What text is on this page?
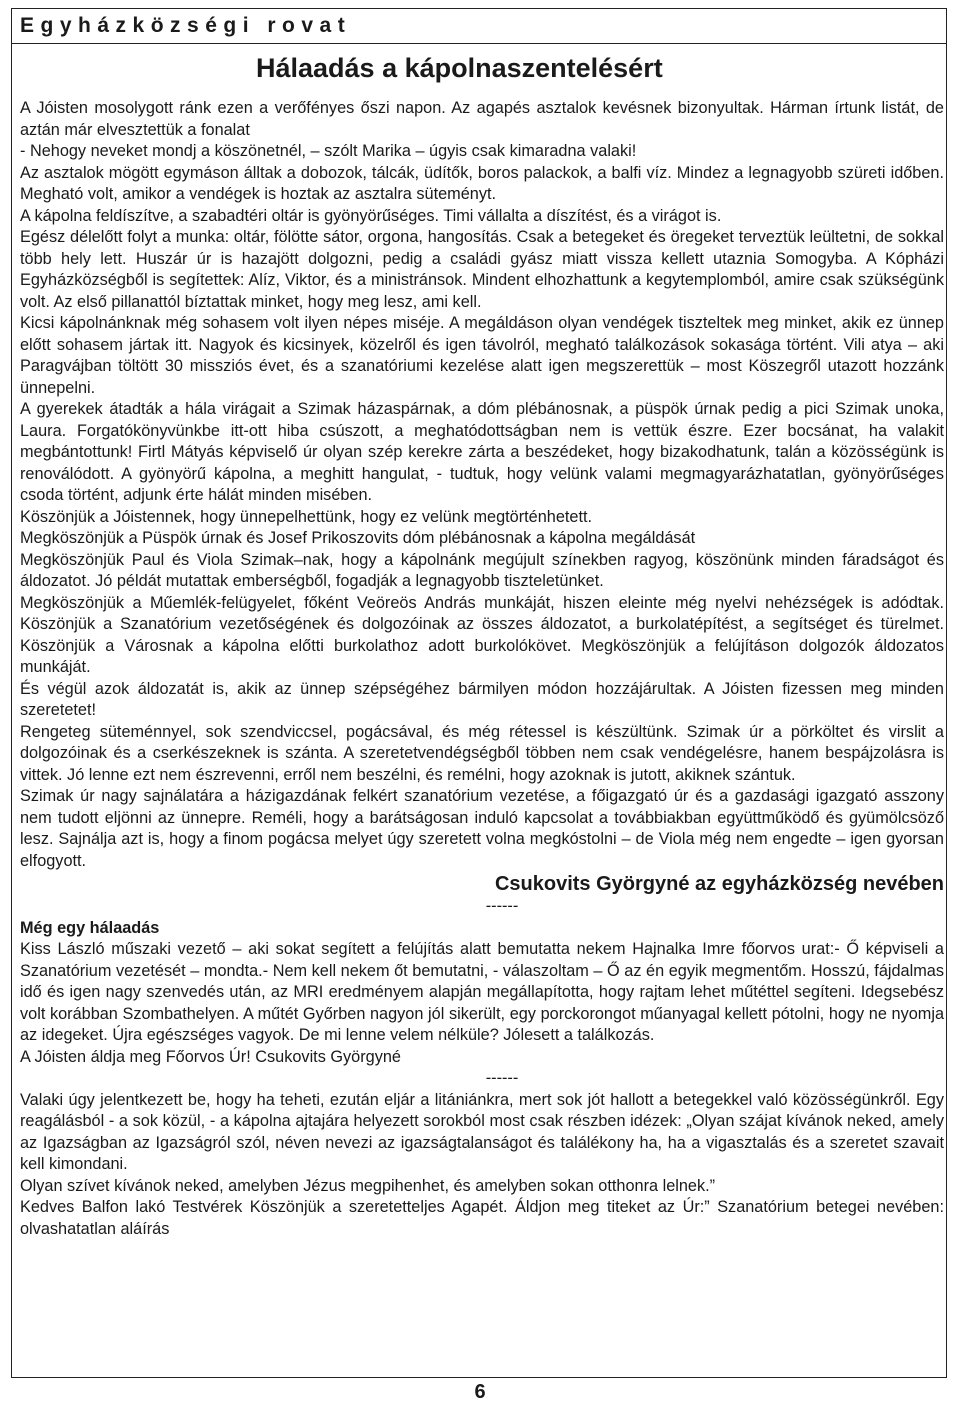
Egyházközségi rovat
Hálaadás a kápolnaszentelésért

A Jóisten mosolygott ránk ezen a verőfényes őszi napon. Az agapés asztalok kevésnek bizonyultak. Hárman írtunk listát, de aztán már elvesztettük a fonalat

- Nehogy neveket mondj a köszönetnél, – szólt Marika – úgyis csak kimaradna valaki!

Az asztalok mögött egymáson álltak a dobozok, tálcák, üdítők, boros palackok, a balfi víz. Mindez a legnagyobb szüreti időben. Megható volt, amikor a vendégek is hoztak az asztalra süteményt.

A kápolna feldíszítve, a szabadtéri oltár is gyönyörűséges. Timi vállalta a díszítést, és a virágot is.

Egész délelőtt folyt a munka: oltár, fölötte sátor, orgona, hangosítás. Csak a betegeket és öregeket terveztük leültetni, de sokkal több hely lett. Huszár úr is hazajött dolgozni, pedig a családi gyász miatt vissza kellett utaznia Somogyba. A Kópházi Egyházközségből is segítettek: Alíz, Viktor, és a ministránsok. Mindent elhozhattunk a kegytemplomból, amire csak szükségünk volt. Az első pillanattól bíztattak minket, hogy meg lesz, ami kell.

Kicsi kápolnánknak még sohasem volt ilyen népes miséje. A megáldáson olyan vendégek tiszteltek meg minket, akik ez ünnep előtt sohasem jártak itt. Nagyok és kicsinyek, közelről és igen távolról, megható találkozások sokasága történt. Vili atya – aki Paragvájban töltött 30 missziós évet, és a szanatóriumi kezelése alatt igen megszerettük – most Köszegről utazott hozzánk ünnepelni.

A gyerekek átadták a hála virágait a Szimak házaspárnak, a dóm plébánosnak, a püspök úrnak pedig a pici Szimak unoka, Laura. Forgatókönyvünkbe itt-ott hiba csúszott, a meghatódottságban nem is vettük észre. Ezer bocsánat, ha valakit megbántottunk! Firtl Mátyás képviselő úr olyan szép kerekre zárta a beszédeket, hogy bizakodhatunk, talán a közösségünk is renoválódott. A gyönyörű kápolna, a meghitt hangulat, - tudtuk, hogy velünk valami megmagyarázhatatlan, gyönyörűséges csoda történt, adjunk érte hálát minden misében.

Köszönjük a Jóistennek, hogy ünnepelhettünk, hogy ez velünk megtörténhetett.

Megköszönjük a Püspök úrnak és Josef Prikoszovits dóm plébánosnak a kápolna megáldását

Megköszönjük Paul és Viola Szimak–nak, hogy a kápolnánk megújult színekben ragyog, köszönünk minden fáradságot és áldozatot. Jó példát mutattak emberségből, fogadják a legnagyobb tiszteletünket.

Megköszönjük a Műemlék-felügyelet, főként Veöreös András munkáját, hiszen eleinte még nyelvi nehézségek is adódtak. Köszönjük a Szanatórium vezetőségének és dolgozóinak az összes áldozatot, a burkolatépítést, a segítséget és türelmet. Köszönjük a Városnak a kápolna előtti burkolathoz adott burkolókövet. Megköszönjük a felújításon dolgozók áldozatos munkáját.

És végül azok áldozatát is, akik az ünnep szépségéhez bármilyen módon hozzájárultak. A Jóisten fizessen meg minden szeretetet!

Rengeteg süteménnyel, sok szendviccsel, pogácsával, és még rétessel is készültünk. Szimak úr a pörköltet és virslit a dolgozóinak és a cserkészeknek is szánta. A szeretetvendégségből többen nem csak vendégelésre, hanem bespájzolásra is vittek. Jó lenne ezt nem észrevenni, erről nem beszélni, és remélni, hogy azoknak is jutott, akiknek szántuk.

Szimak úr nagy sajnálatára a házigazdának felkért szanatórium vezetése, a főigazgató úr és a gazdasági igazgató asszony nem tudott eljönni az ünnepre. Reméli, hogy a barátságosan induló kapcsolat a továbbiakban együttműködő és gyümölcsöző lesz. Sajnálja azt is, hogy a finom pogácsa melyet úgy szeretett volna megkóstolni – de Viola még nem engedte – igen gyorsan elfogyott.

Csukovits Györgyné az egyházközség nevében

------

Még egy hálaadás

Kiss László műszaki vezető – aki sokat segített a felújítás alatt bemutatta nekem Hajnalka Imre főorvos urat:- Ő képviseli a Szanatórium vezetését – mondta.- Nem kell nekem őt bemutatni, - válaszoltam – Ő az én egyik megmentőm. Hosszú, fájdalmas idő és igen nagy szenvedés után, az MRI eredményem alapján megállapította, hogy rajtam lehet műtéttel segíteni. Idegsebész volt korábban Szombathelyen. A műtét Győrben nagyon jól sikerült, egy porckorongot műanyagal kellett pótolni, hogy ne nyomja az idegeket. Újra egészséges vagyok. De mi lenne velem nélküle? Jólesett a találkozás.

A Jóisten áldja meg Főorvos Úr! Csukovits Györgyné

------

Valaki úgy jelentkezett be, hogy ha teheti, ezután eljár a litániánkra, mert sok jót hallott a betegekkel való közösségünkről. Egy reagálásból - a sok közül, - a kápolna ajtajára helyezett sorokból most csak részben idézek: „Olyan szájat kívánok neked, amely az Igazságban az Igazságról szól, néven nevezi az igazságtalanságot és találékony ha, ha a vigasztalás és a szeretet szavait kell kimondani.

Olyan szívet kívánok neked, amelyben Jézus megpihenhet, és amelyben sokan otthonra lelnek.”

Kedves Balfon lakó Testvérek Köszönjük a szeretetteljes Agapét. Áldjon meg titeket az Úr:” Szanatórium betegei nevében: olvashatatlan aláírás

6
